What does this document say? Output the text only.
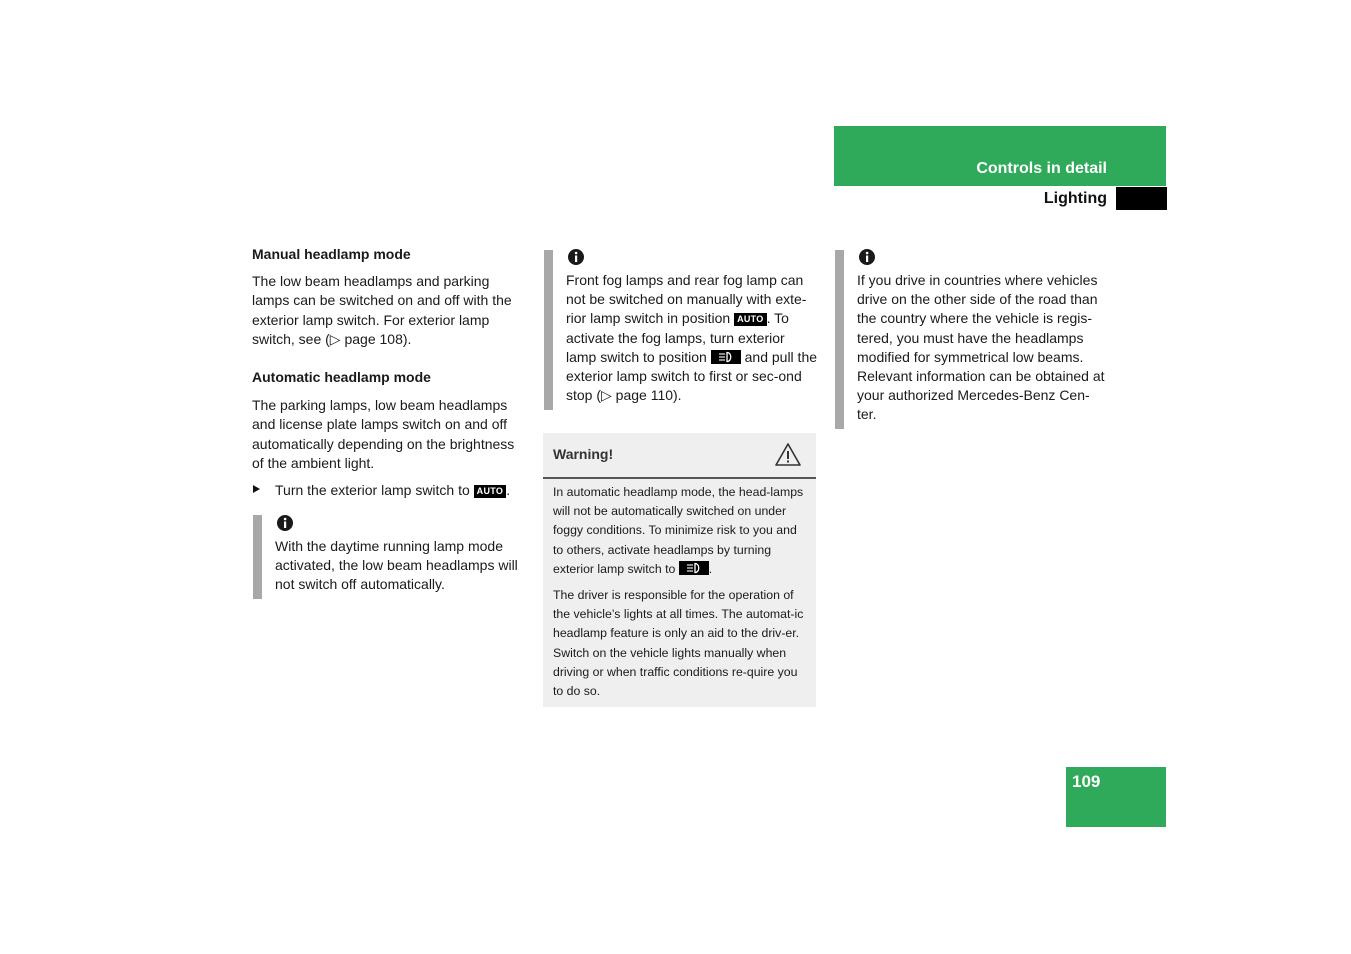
Controls in detail
Lighting

Manual headlamp mode

The low beam headlamps and parking lamps can be switched on and off with the exterior lamp switch. For exterior lamp switch, see (▷ page 108).

Automatic headlamp mode

The parking lamps, low beam headlamps and license plate lamps switch on and off automatically depending on the brightness of the ambient light.

Turn the exterior lamp switch to AUTO .

With the daytime running lamp mode activated, the low beam headlamps will not switch off automatically.

Front fog lamps and rear fog lamp can not be switched on manually with exte-rior lamp switch in position AUTO . To activate the fog lamps, turn exterior lamp switch to position	and pull the exterior lamp switch to first or sec-ond stop (▷ page 110).
Warning!

In automatic headlamp mode, the head-lamps will not be automatically switched on under foggy conditions. To minimize risk to you and to others, activate headlamps by turning exterior lamp switch to	.

The driver is responsible for the operation of the vehicle’s lights at all times. The automat-ic headlamp feature is only an aid to the driv-er. Switch on the vehicle lights manually when driving or when traffic conditions re-quire you to do so.

If you drive in countries where vehicles drive on the other side of the road than the country where the vehicle is regis-tered, you must have the headlamps modified for symmetrical low beams. Relevant information can be obtained at your authorized Mercedes-Benz Cen-ter.

109
